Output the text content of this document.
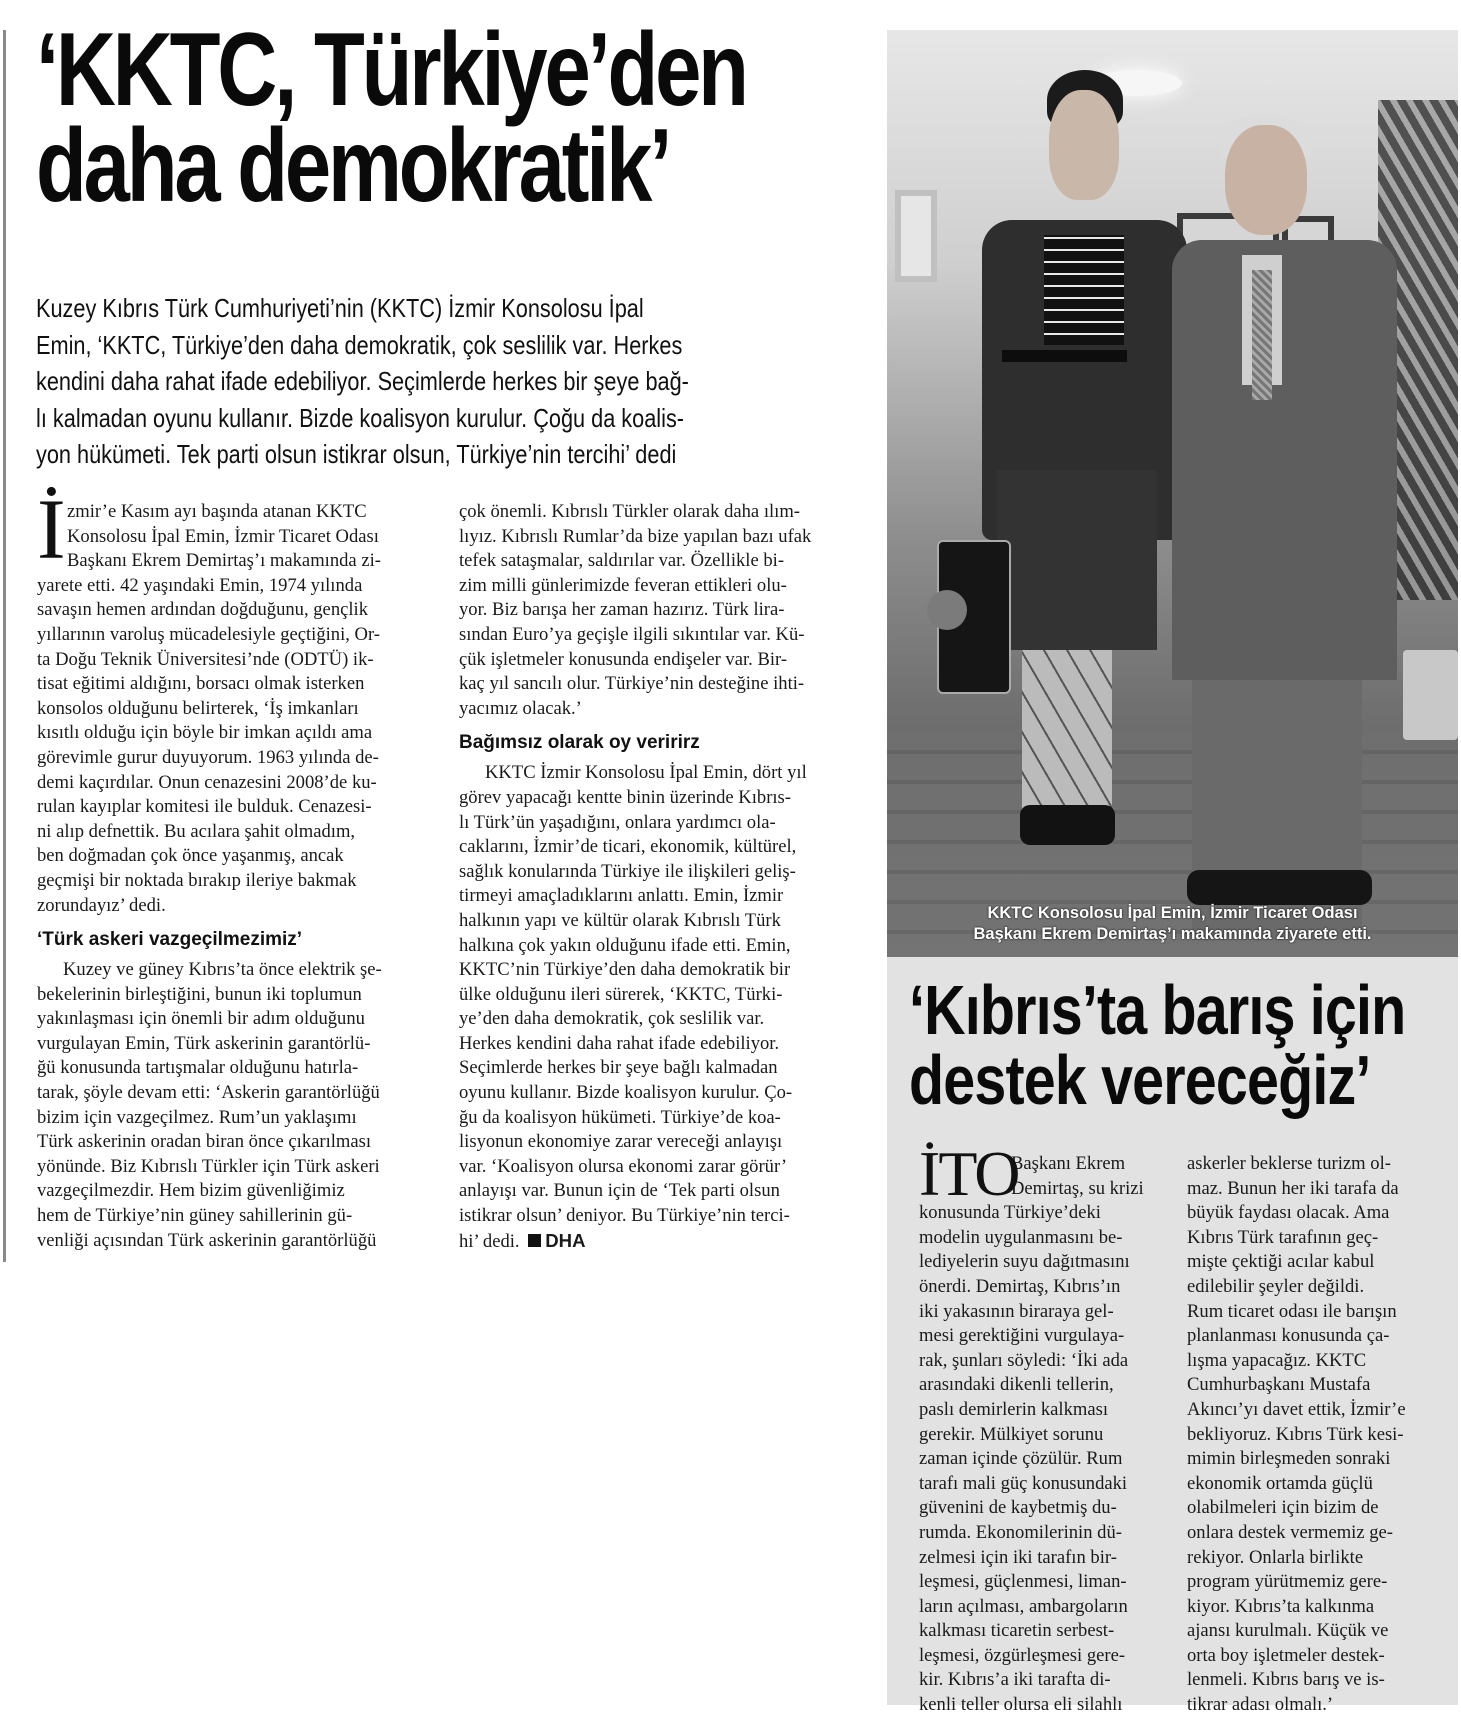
‘KKTC, Türkiye’den
daha demokratik’
Kuzey Kıbrıs Türk Cumhuriyeti’nin (KKTC) İzmir Konsolosu İpal
Emin, ‘KKTC, Türkiye’den daha demokratik, çok seslilik var. Herkes
kendini daha rahat ifade edebiliyor. Seçimlerde herkes bir şeye bağ-
lı kalmadan oyunu kullanır. Bizde koalisyon kurulur. Çoğu da koalis-
yon hükümeti. Tek parti olsun istikrar olsun, Türkiye’nin tercihi’ dedi
İ zmir’e Kasım ayı başında atanan KKTC
Konsolosu İpal Emin, İzmir Ticaret Odası
Başkanı Ekrem Demirtaş’ı makamında zi-
yarete etti. 42 yaşındaki Emin, 1974 yılında
savaşın hemen ardından doğduğunu, gençlik
yıllarının varoluş mücadelesiyle geçtiğini, Or-
ta Doğu Teknik Üniversitesi’nde (ODTÜ) ik-
tisat eğitimi aldığını, borsacı olmak isterken
konsolos olduğunu belirterek, ‘İş imkanları
kısıtlı olduğu için böyle bir imkan açıldı ama
görevimle gurur duyuyorum. 1963 yılında de-
demi kaçırdılar. Onun cenazesini 2008’de ku-
rulan kayıplar komitesi ile bulduk. Cenazesi-
ni alıp defnettik. Bu acılara şahit olmadım,
ben doğmadan çok önce yaşanmış, ancak
geçmişi bir noktada bırakıp ileriye bakmak
zorundayız’ dedi.
‘Türk askeri vazgeçilmezimiz’
Kuzey ve güney Kıbrıs’ta önce elektrik şe-
bekelerinin birleştiğini, bunun iki toplumun
yakınlaşması için önemli bir adım olduğunu
vurgulayan Emin, Türk askerinin garantörlü-
ğü konusunda tartışmalar olduğunu hatırla-
tarak, şöyle devam etti: ‘Askerin garantörlüğü
bizim için vazgeçilmez. Rum’un yaklaşımı
Türk askerinin oradan biran önce çıkarılması
yönünde. Biz Kıbrıslı Türkler için Türk askeri
vazgeçilmezdir. Hem bizim güvenliğimiz
hem de Türkiye’nin güney sahillerinin gü-
venliği açısından Türk askerinin garantörlüğü
çok önemli. Kıbrıslı Türkler olarak daha ılım-
lıyız. Kıbrıslı Rumlar’da bize yapılan bazı ufak
tefek sataşmalar, saldırılar var. Özellikle bi-
zim milli günlerimizde feveran ettikleri olu-
yor. Biz barışa her zaman hazırız. Türk lira-
sından Euro’ya geçişle ilgili sıkıntılar var. Kü-
çük işletmeler konusunda endişeler var. Bir-
kaç yıl sancılı olur. Türkiye’nin desteğine ihti-
yacımız olacak.’
Bağımsız olarak oy veririrz
KKTC İzmir Konsolosu İpal Emin, dört yıl
görev yapacağı kentte binin üzerinde Kıbrıs-
lı Türk’ün yaşadığını, onlara yardımcı ola-
caklarını, İzmir’de ticari, ekonomik, kültürel,
sağlık konularında Türkiye ile ilişkileri geliş-
tirmeyi amaçladıklarını anlattı. Emin, İzmir
halkının yapı ve kültür olarak Kıbrıslı Türk
halkına çok yakın olduğunu ifade etti. Emin,
KKTC’nin Türkiye’den daha demokratik bir
ülke olduğunu ileri sürerek, ‘KKTC, Türki-
ye’den daha demokratik, çok seslilik var.
Herkes kendini daha rahat ifade edebiliyor.
Seçimlerde herkes bir şeye bağlı kalmadan
oyunu kullanır. Bizde koalisyon kurulur. Ço-
ğu da koalisyon hükümeti. Türkiye’de koa-
lisyonun ekonomiye zarar vereceği anlayışı
var. ‘Koalisyon olursa ekonomi zarar görür’
anlayışı var. Bunun için de ‘Tek parti olsun
istikrar olsun’ deniyor. Bu Türkiye’nin terci-
hi’ dedi. DHA
KKTC Konsolosu İpal Emin, İzmir Ticaret Odası
Başkanı Ekrem Demirtaş’ı makamında ziyarete etti.
‘Kıbrıs’ta barış için
destek vereceğiz’
İTO
Başkanı Ekrem
Demirtaş, su krizi
konusunda Türkiye’deki
modelin uygulanmasını be-
lediyelerin suyu dağıtmasını
önerdi. Demirtaş, Kıbrıs’ın
iki yakasının biraraya gel-
mesi gerektiğini vurgulaya-
rak, şunları söyledi: ‘İki ada
arasındaki dikenli tellerin,
paslı demirlerin kalkması
gerekir. Mülkiyet sorunu
zaman içinde çözülür. Rum
tarafı mali güç konusundaki
güvenini de kaybetmiş du-
rumda. Ekonomilerinin dü-
zelmesi için iki tarafın bir-
leşmesi, güçlenmesi, liman-
ların açılması, ambargoların
kalkması ticaretin serbest-
leşmesi, özgürleşmesi gere-
kir. Kıbrıs’a iki tarafta di-
kenli teller olursa eli silahlı
askerler beklerse turizm ol-
maz. Bunun her iki tarafa da
büyük faydası olacak. Ama
Kıbrıs Türk tarafının geç-
mişte çektiği acılar kabul
edilebilir şeyler değildi.
Rum ticaret odası ile barışın
planlanması konusunda ça-
lışma yapacağız. KKTC
Cumhurbaşkanı Mustafa
Akıncı’yı davet ettik, İzmir’e
bekliyoruz. Kıbrıs Türk kesi-
mimin birleşmeden sonraki
ekonomik ortamda güçlü
olabilmeleri için bizim de
onlara destek vermemiz ge-
rekiyor. Onlarla birlikte
program yürütmemiz gere-
kiyor. Kıbrıs’ta kalkınma
ajansı kurulmalı. Küçük ve
orta boy işletmeler destek-
lenmeli. Kıbrıs barış ve is-
tikrar adası olmalı.’
